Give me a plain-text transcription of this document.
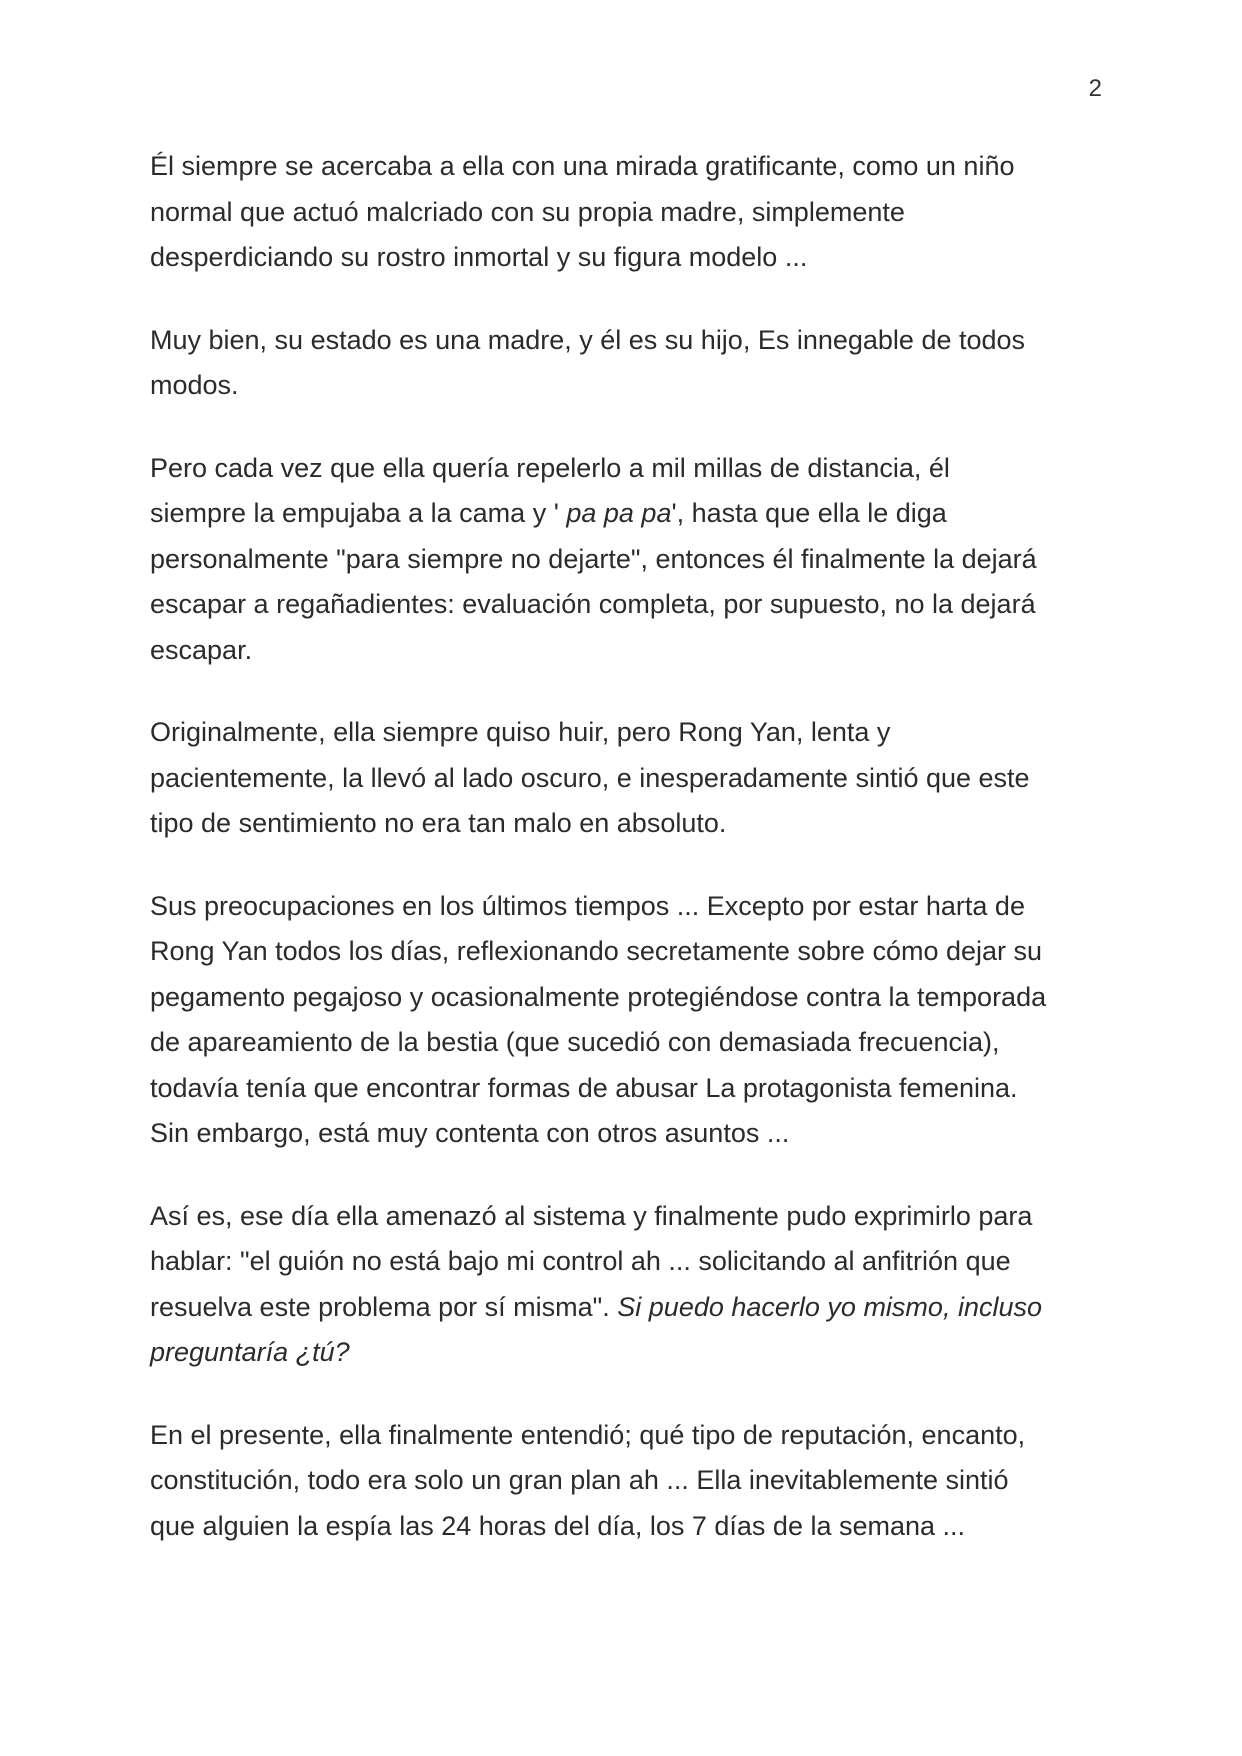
2

Él siempre se acercaba a ella con una mirada gratificante, como un niño
normal que actuó malcriado con su propia madre, simplemente
desperdiciando su rostro inmortal y su figura modelo ...

Muy bien, su estado es una madre, y él es su hijo, Es innegable de todos
modos.

Pero cada vez que ella quería repelerlo a mil millas de distancia, él
siempre la empujaba a la cama y ' pa pa pa', hasta que ella le diga
personalmente "para siempre no dejarte", entonces él finalmente la dejará
escapar a regañadientes: evaluación completa, por supuesto, no la dejará
escapar.

Originalmente, ella siempre quiso huir, pero Rong Yan, lenta y
pacientemente, la llevó al lado oscuro, e inesperadamente sintió que este
tipo de sentimiento no era tan malo en absoluto.

Sus preocupaciones en los últimos tiempos ... Excepto por estar harta de
Rong Yan todos los días, reflexionando secretamente sobre cómo dejar su
pegamento pegajoso y ocasionalmente protegiéndose contra la temporada
de apareamiento de la bestia (que sucedió con demasiada frecuencia),
todavía tenía que encontrar formas de abusar La protagonista femenina.
Sin embargo, está muy contenta con otros asuntos ...

Así es, ese día ella amenazó al sistema y finalmente pudo exprimirlo para
hablar: "el guión no está bajo mi control ah ... solicitando al anfitrión que
resuelva este problema por sí misma". Si puedo hacerlo yo mismo, incluso
preguntaría ¿tú?

En el presente, ella finalmente entendió; qué tipo de reputación, encanto,
constitución, todo era solo un gran plan ah ... Ella inevitablemente sintió
que alguien la espía las 24 horas del día, los 7 días de la semana ...
